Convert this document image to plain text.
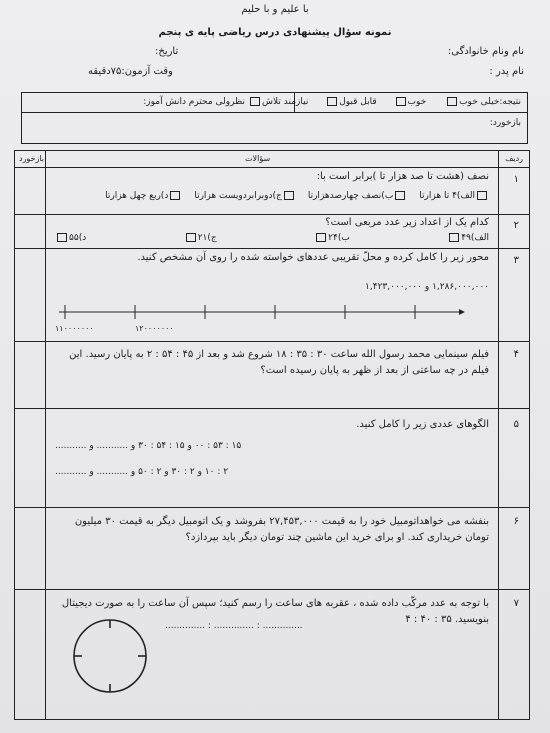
با علیم و با حلیم
نمونه سؤال پیشنهادی درس ریاضی پایه ی پنجم
نام ونام خانوادگی:
تاریخ:
نام پدر :
وقت آزمون:۷۵دقیقه
نتیجه:خیلی خوب خوب قابل قبول نیازمند تلاش
نظرولی محترم دانش آموز:
بازخورد:
ردیف
سؤالات
بازخورد
۱
نصف (هشت تا صد هزار تا )برابر است با:
الف)۴ تا هزارتا
ب)نصف چهارصدهزارتا
ج)دوبرابردویست هزارتا
د)ربع چهل هزارتا
۲
کدام یک از اعداد زیر عدد مربعی است؟
الف)۴۹
ب)۲۴
ج)۲۱
د)۵۵
۳
محور زیر را کامل کرده و محلّ تقریبی عددهای خواسته شده را روی آن مشخص کنید.
۱,۲۸۶,۰۰۰,۰۰۰ و ۱,۴۲۳,۰۰۰,۰۰۰
۱۱۰۰۰۰۰۰۰	۱۲۰۰۰۰۰۰۰
۴
فیلم سینمایی محمد رسول الله ساعت ۳۰ : ۳۵ : ۱۸ شروع شد و بعد از ۴۵ : ۵۴ : ۲ به پایان رسید. این فیلم در چه ساعتی از بعد از ظهر به پایان رسیده است؟
۵
الگوهای عددی زیر را کامل کنید.
۱۵ : ۵۳ : ۰۰ و ۱۵ : ۵۴ : ۳۰ و ........... و ...........
۲ : ۱۰ و ۲ : ۳۰ و ۲ : ۵۰ و ........... و ...........
۶
بنفشه می خواهداتومبیل خود را به قیمت ۲۷,۴۵۳,۰۰۰ بفروشد و یک اتومبیل دیگر به قیمت ۳۰ میلیون تومان خریداری کند. او برای خرید این ماشین چند تومان دیگر باید بپردازد؟
۷
با توجه به عدد مرکّب داده شده ، عقربه های ساعت را رسم کنید؛ سپس آن ساعت را به صورت دیجیتال بنویسید. ۳۵ : ۴۰ : ۴
.............. : .............. : ..............
